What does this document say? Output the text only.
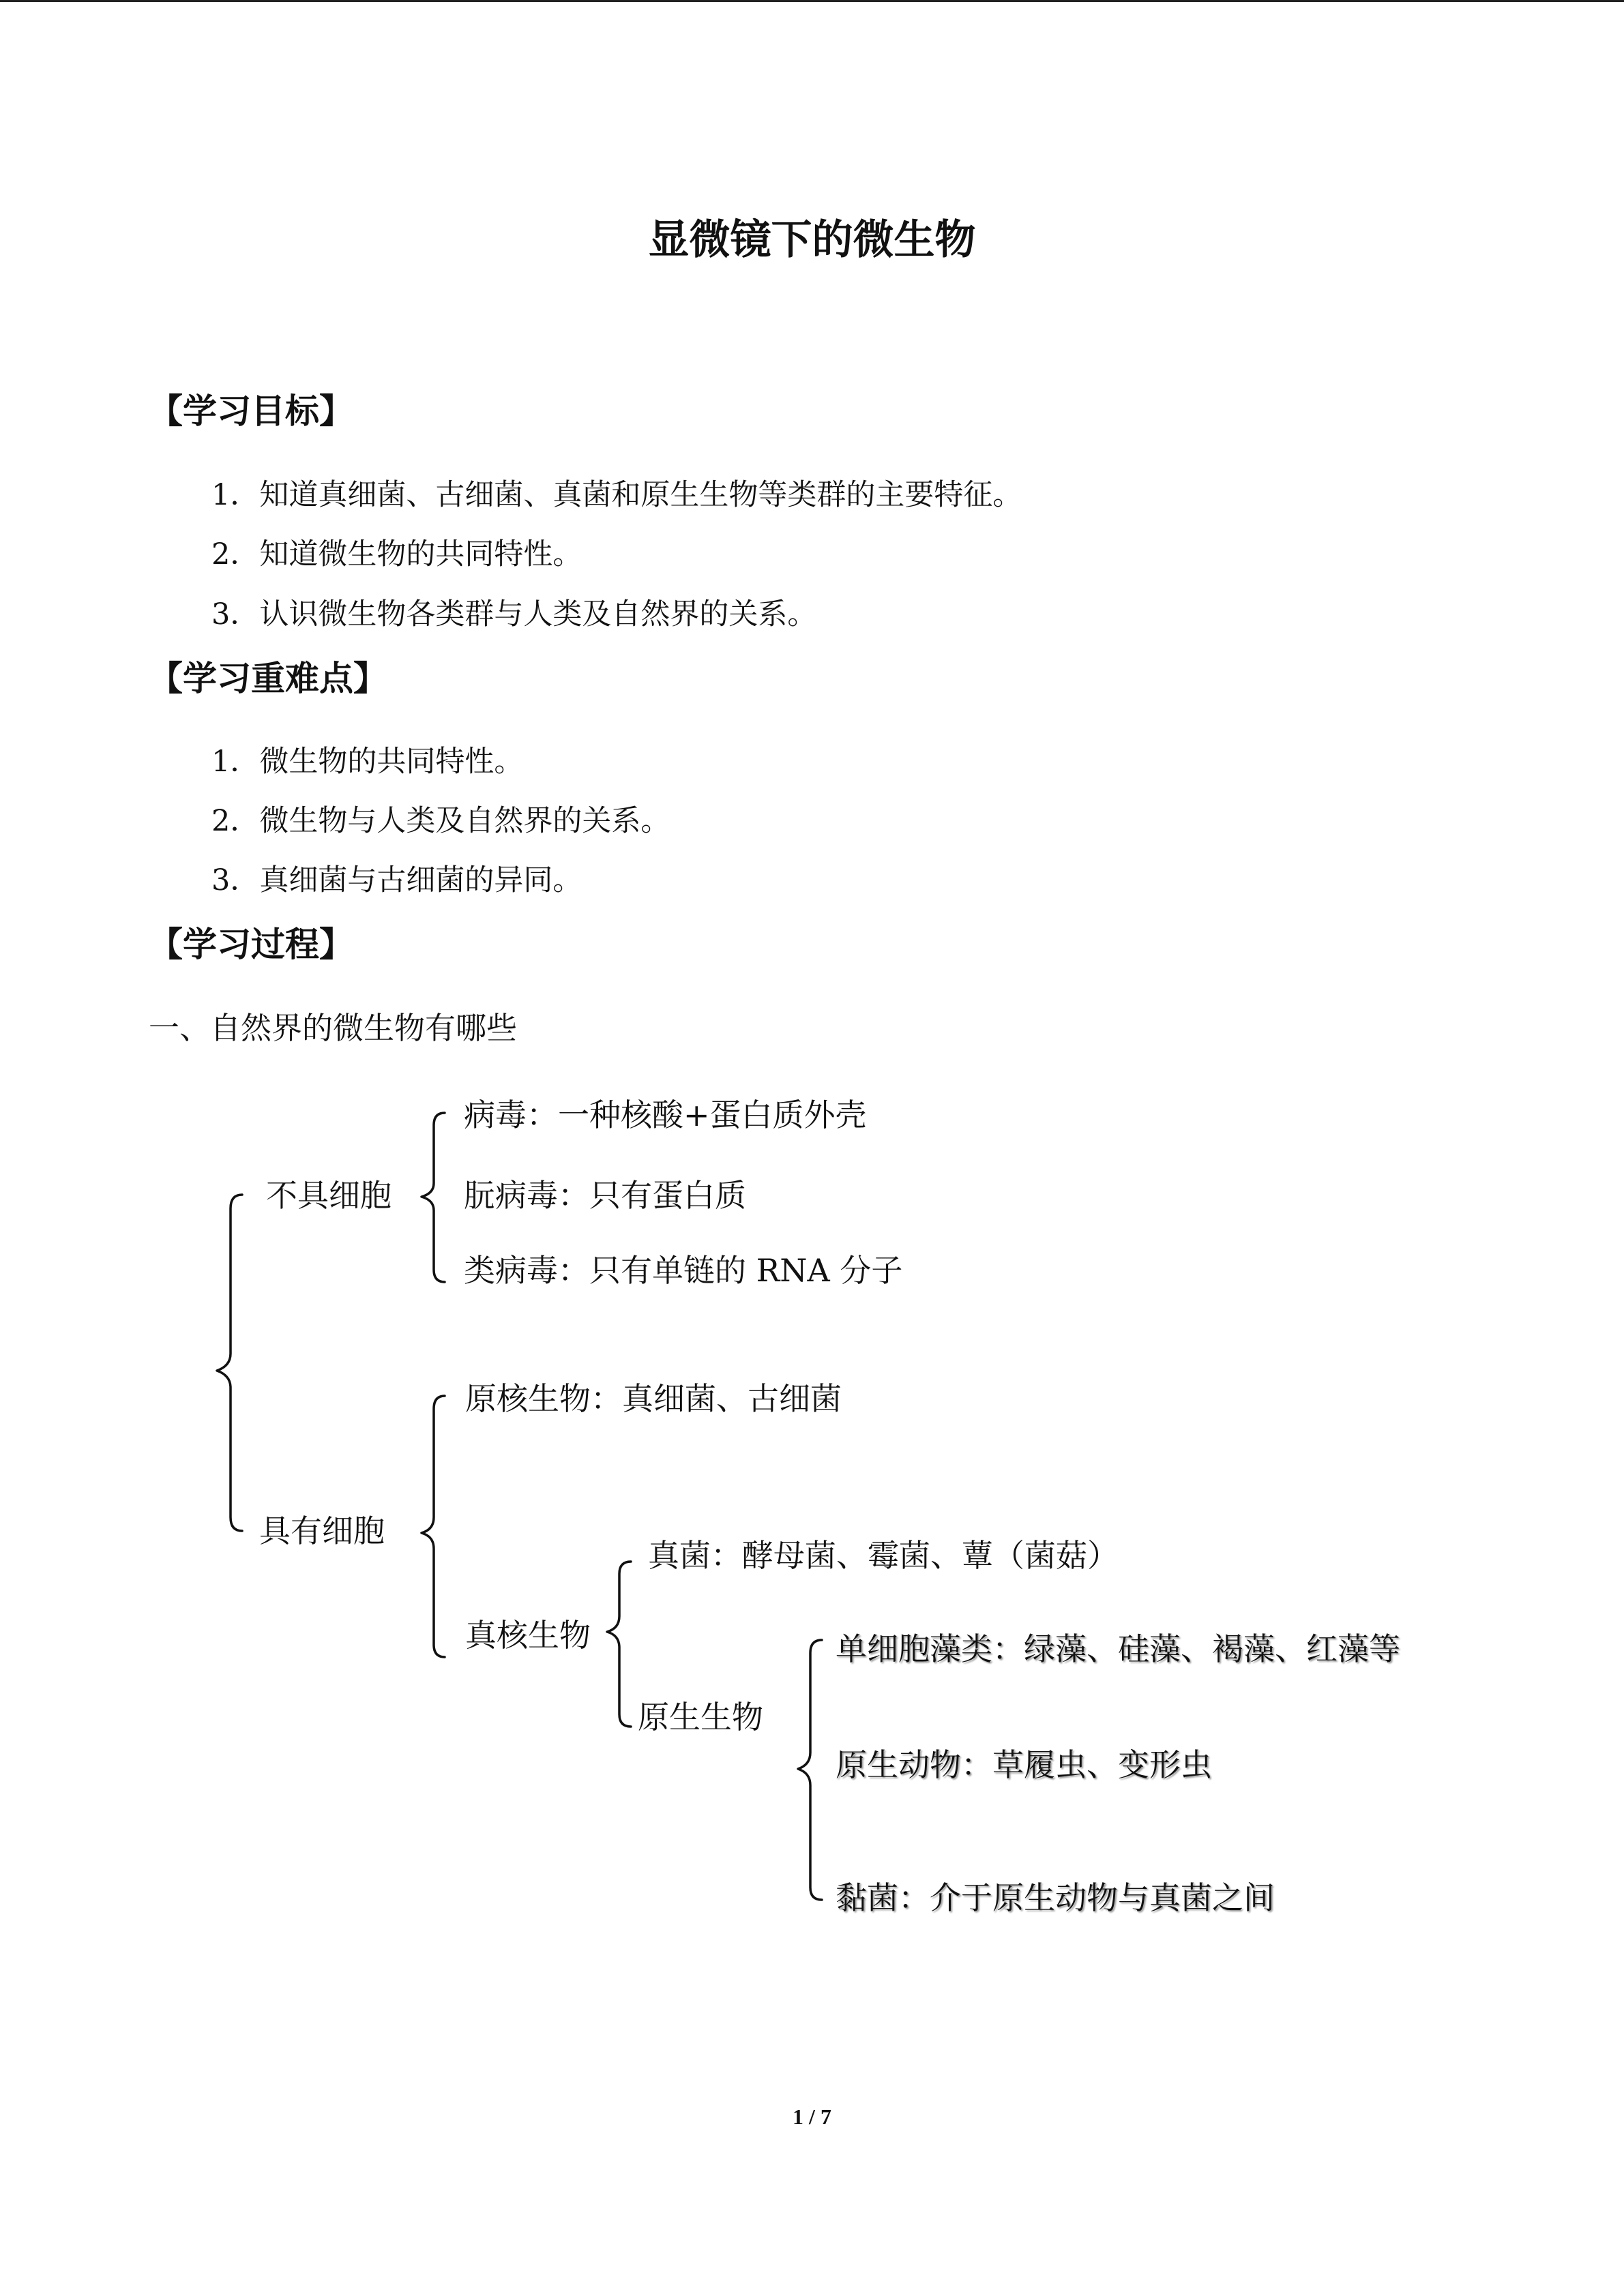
显微镜下的微生物
【学习目标】
1．知道真细菌、古细菌、真菌和原生生物等类群的主要特征。
2．知道微生物的共同特性。
3．认识微生物各类群与人类及自然界的关系。
【学习重难点】
1．微生物的共同特性。
2．微生物与人类及自然界的关系。
3．真细菌与古细菌的异同。
【学习过程】
一、自然界的微生物有哪些
不具细胞
病毒：一种核酸+蛋白质外壳
朊病毒：只有蛋白质
类病毒：只有单链的 RNA 分子
具有细胞
原核生物：真细菌、古细菌
真核生物
真菌：酵母菌、霉菌、蕈（菌菇）
原生生物
单细胞藻类：绿藻、硅藻、褐藻、红藻等
原生动物：草履虫、变形虫
黏菌：介于原生动物与真菌之间
1 / 7
